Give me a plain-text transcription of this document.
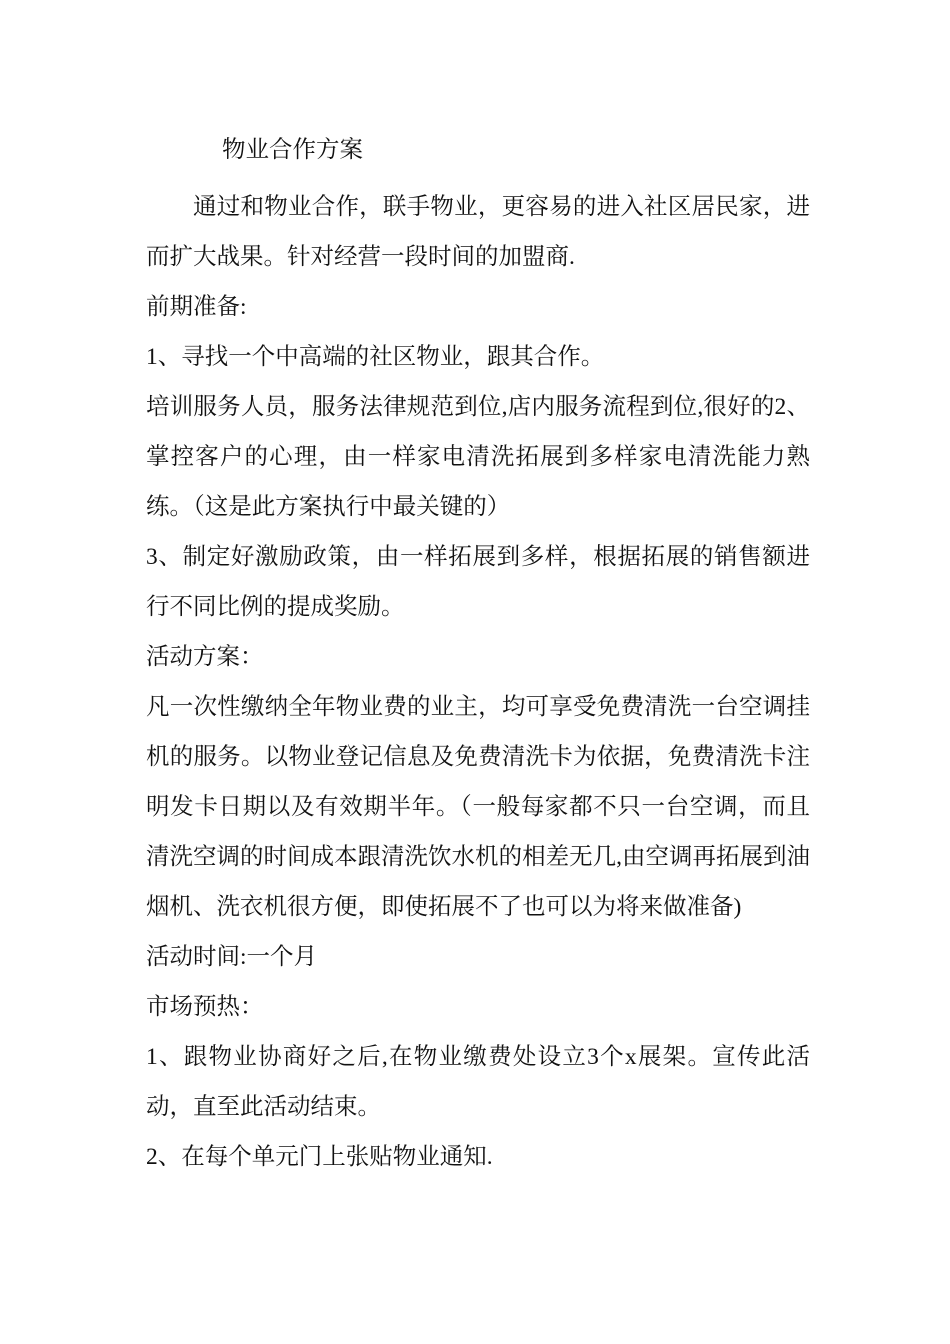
物业合作方案

通过和物业合作，联手物业，更容易的进入社区居民家，进而扩大战果。针对经营一段时间的加盟商.

前期准备:

1、寻找一个中高端的社区物业，跟其合作。

培训服务人员，服务法律规范到位,店内服务流程到位,很好的2、掌控客户的心理，由一样家电清洗拓展到多样家电清洗能力熟练。（这是此方案执行中最关键的）

3、制定好激励政策，由一样拓展到多样，根据拓展的销售额进行不同比例的提成奖励。

活动方案：

凡一次性缴纳全年物业费的业主，均可享受免费清洗一台空调挂机的服务。以物业登记信息及免费清洗卡为依据，免费清洗卡注明发卡日期以及有效期半年。（一般每家都不只一台空调，而且清洗空调的时间成本跟清洗饮水机的相差无几,由空调再拓展到油烟机、洗衣机很方便，即使拓展不了也可以为将来做准备)

活动时间:一个月

市场预热：

1、跟物业协商好之后,在物业缴费处设立3个x展架。宣传此活动，直至此活动结束。

2、在每个单元门上张贴物业通知.
